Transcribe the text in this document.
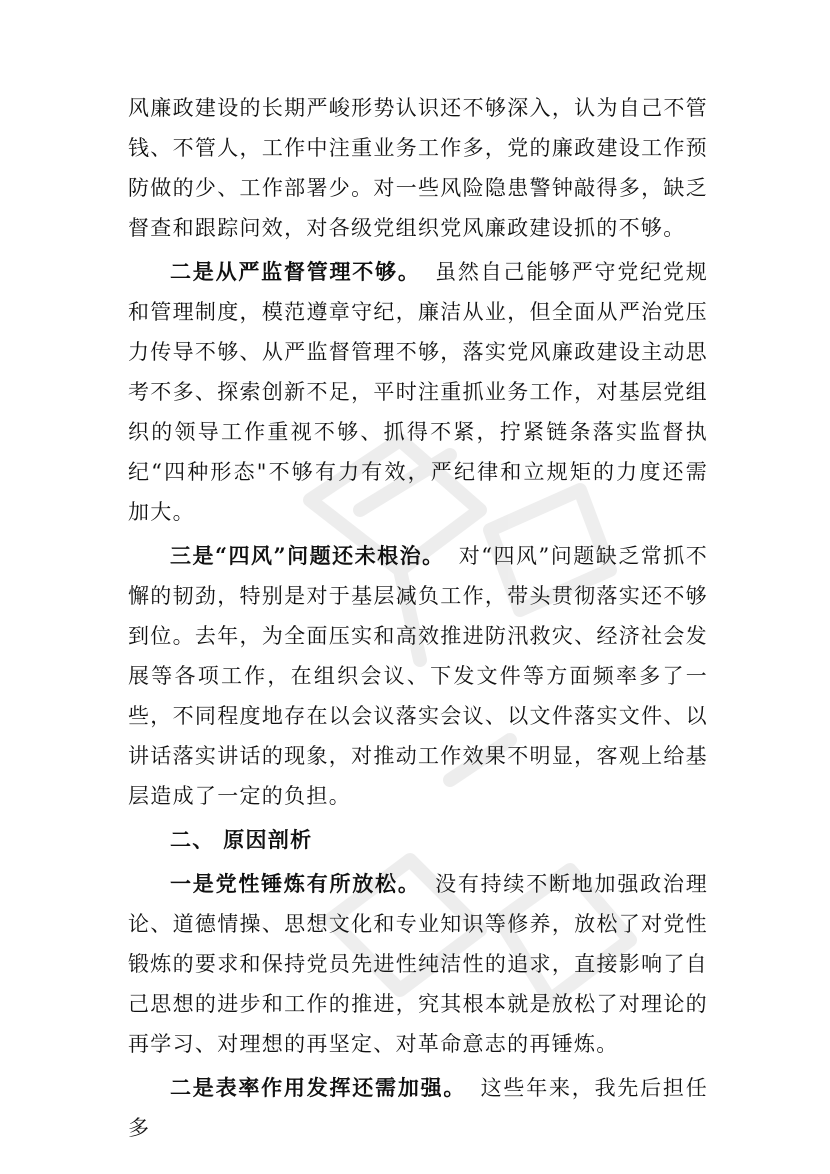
风廉政建设的长期严峻形势认识还不够深入，认为自己不管钱、不管人，工作中注重业务工作多，党的廉政建设工作预防做的少、工作部署少。对一些风险隐患警钟敲得多，缺乏督查和跟踪问效，对各级党组织党风廉政建设抓的不够。

二是从严监督管理不够。 虽然自己能够严守党纪党规和管理制度，模范遵章守纪，廉洁从业，但全面从严治党压力传导不够、从严监督管理不够，落实党风廉政建设主动思考不多、探索创新不足，平时注重抓业务工作，对基层党组织的领导工作重视不够、抓得不紧，拧紧链条落实监督执纪“四种形态"不够有力有效，严纪律和立规矩的力度还需加大。

三是“四风”问题还未根治。 对“四风”问题缺乏常抓不懈的韧劲，特别是对于基层减负工作，带头贯彻落实还不够到位。去年，为全面压实和高效推进防汛救灾、经济社会发展等各项工作，在组织会议、下发文件等方面频率多了一些，不同程度地存在以会议落实会议、以文件落实文件、以讲话落实讲话的现象，对推动工作效果不明显，客观上给基层造成了一定的负担。

二、 原因剖析

一是党性锤炼有所放松。 没有持续不断地加强政治理论、道德情操、思想文化和专业知识等修养，放松了对党性锻炼的要求和保持党员先进性纯洁性的追求，直接影响了自己思想的进步和工作的推进，究其根本就是放松了对理论的再学习、对理想的再坚定、对革命意志的再锤炼。

二是表率作用发挥还需加强。 这些年来，我先后担任多
